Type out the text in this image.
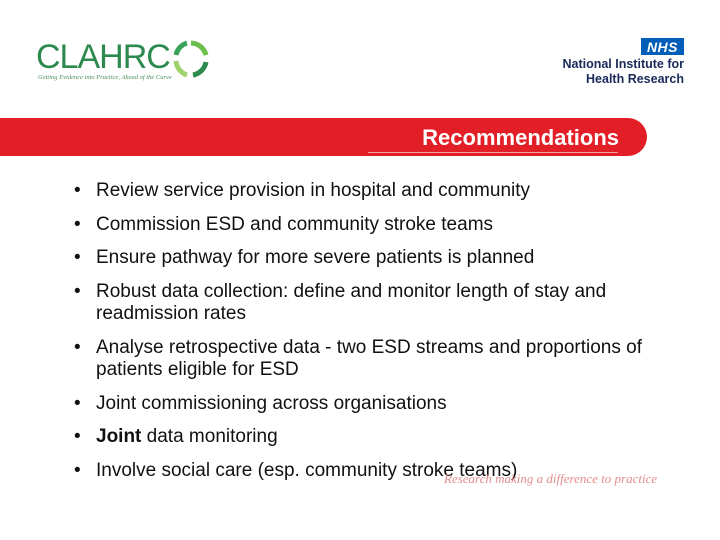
CLAHRC
Getting Evidence into Practice, Ahead of the Curve
NHS
National Institute for
Health Research
Recommendations
• Review service provision in hospital and community
• Commission ESD and community stroke teams
• Ensure pathway for more severe patients is planned
• Robust data collection: define and monitor length of stay and readmission rates
• Analyse retrospective data - two ESD streams and proportions of patients eligible for ESD
• Joint commissioning across organisations
• Joint data monitoring
• Involve social care (esp. community stroke teams)
Research making a difference to practice
